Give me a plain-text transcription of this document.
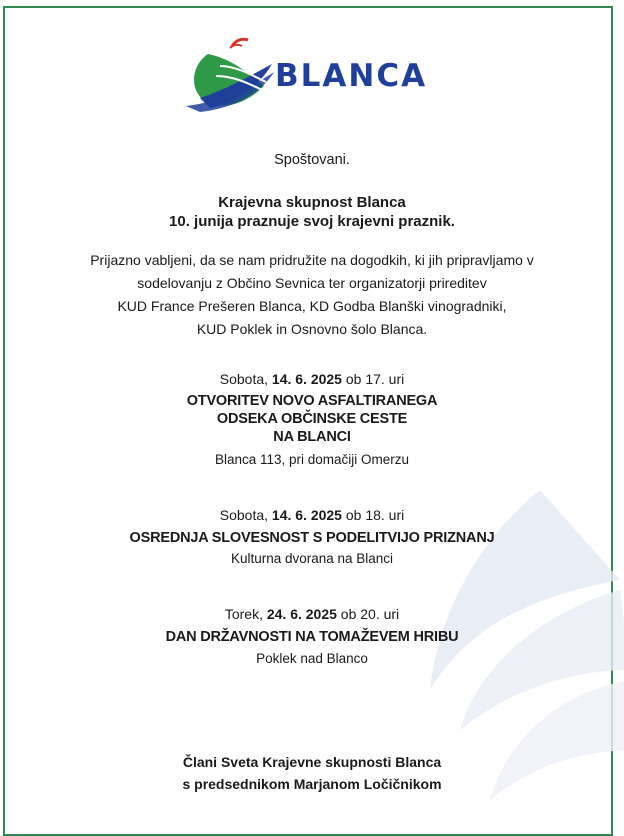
BLANCA
Spoštovani.
Krajevna skupnost Blanca
10. junija praznuje svoj krajevni praznik.
Prijazno vabljeni, da se nam pridružite na dogodkih, ki jih pripravljamo v
sodelovanju z Občino Sevnica ter organizatorji prireditev
KUD France Prešeren Blanca, KD Godba Blanški vinogradniki,
KUD Poklek in Osnovno šolo Blanca.
Sobota, 14. 6. 2025 ob 17. uri
OTVORITEV NOVO ASFALTIRANEGA
ODSEKA OBČINSKE CESTE
NA BLANCI
Blanca 113, pri domačiji Omerzu
Sobota, 14. 6. 2025 ob 18. uri
OSREDNJA SLOVESNOST S PODELITVIJO PRIZNANJ
Kulturna dvorana na Blanci
Torek, 24. 6. 2025 ob 20. uri
DAN DRŽAVNOSTI NA TOMAŽEVEM HRIBU
Poklek nad Blanco
Člani Sveta Krajevne skupnosti Blanca
s predsednikom Marjanom Ločičnikom
